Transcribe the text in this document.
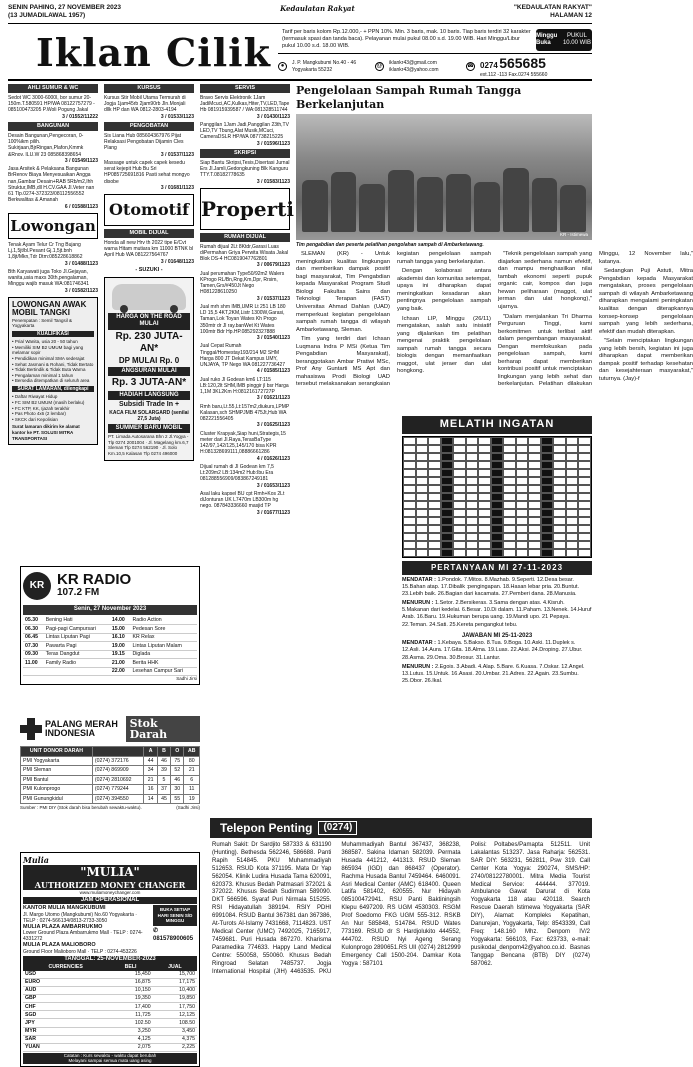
SENIN PAHING, 27 NOVEMBER 2023
(13 JUMADILAWAL 1957)
Kedaulatan Rakyat	"KEDAULATAN RAKYAT"
HALAMAN 12
Iklan Cilik	Tarif per baris kolom Rp.12.000,- + PPN 10%. Min. 3 baris, mak. 10 baris. Tiap baris terdiri 32 karakter (termasuk spasi dan tanda baca). Pelayanan mulai pukul 08.00 s.d. 19.00 WIB. Hari Minggu/Libur pukul 10.00 s.d. 18.00 WIB.
Minggu Buka
PUKUL 10.00 WIB
●	J. P. Mangkubumi No.40 - 46
Yogyakarta 55232
@ iklankr43@gmail.com
iklankr43@yahoo.com
☎ 0274 565685
ext.112 -113 Fax.0274 555660
AHLI SUMUR & WC
Sedot WC 3000-6000l, bor sumur 20-150m.T.580591 HP/WA 08122757279 - 085100473205 P.Woli Pogung Jakal
3 / 01552/11222
BANGUNAN
Desain Bangunan,Pengecoran, 0-100%ikm pilih. Sukirjaan,BjrRingan,Plafon,Kmmk &Rnov. ILU.W 23 085868398654
3 / 01549/1123
Jasa Arsitek & Pelaksana Bangunan BrRenov Biaya Menyesuaikan Angga nan,Gambar Desain+RAB 5Rb/m2,Ihh Struktur,IMB,dll H.CV.GAA Jl.Veter nan 61 Tlp.0274-372323/08112556552 Berkwalitas & Amanah
6 / 01588/1123
Lowongan
Tenak Ayam Telur Cr Tng Bujang Lj.1,5jt/bl.Pesant Gj.1,5jt.bnh 1,8jt/Mkn,Tdr Dtm:085228618862
3 / 01488/1123
Bth Karyawati juga Toko Jl.Gejayan, wanita,usia maxs 30th,pengalaman, Minggu wajib masuk WA:081746341
3 / 01582/1123
LOWONGAN AWAK MOBIL TANGKI
Penempatan : Semil Tangsil & Yogyakarta
KUALIFIKASI
• Pria/ Wanita, usia 20 - 50 tahun
• Memiliki SIM B2 UMUM bagi yang melamar sopir
• Pendidikan minimal SMA sederajat
• Sehat Jasmani & Rohani, Tidak Bertato
• Tidak Bertindik & Tidak Buta Warna
• Pengalaman minimal 1 tahun
• Bersedia ditempatkan di seluruh area
SURAT LAMARAN, dilengkapi
• Daftar Riwayat Hidup
• FC SIM B2 UMUM (masih berlaku)
• FC KTP, KK, Ijazah terakhir
• Pas Photo 4x6 (2 lembar)
• SKCK dari Kepolisian
Surat lamaran dikirim ke alamat kantor ke PT. SOLUSI MITRA TRANSPORTASI
KURSUS
Kursus Stir Mobil Utama Termurah di Jogja 1jam45rb 2jam90rb Jln.Monjali dllk HP dan WA 0812-2803-4194
3 / 01533/1123
PENGOBATAN
Sis Liana Hub 085604367976 Pijat Relaksasi Pengobatan Dijamin Cles Plang
3 / 01537/1123
Massage untuk capek capek kesedu serat kejepit Hub Bu Sri HP085725691816 Pasti sehat mongyo disobe
3 / 01681/1123
Otomotif
MOBIL DIJUAL
Honda all new Hrv th 2022 tipe E/Cvt warna Hitam mutiara km 11000 BTNK bl April Hub WA 081227564767
3 / 01648/1123
- SUZUKI -
HARGA ON THE ROAD MULAI
Rp. 230 JUTA-AN*
DP MULAI Rp. 0
ANGSURAN MULAI
Rp. 3 JUTA-AN*
HADIAH LANGSUNG
Subsidi Trade In +
KACA FILM SOLARGARD (senilai 27,5 Juta)
SUMMER BARU MOBIL
PT. Limada Autosarana Bhn 2 Jl.Yogya - Tlp 0274 2001004 · Jl. Magelang km.6,7 Sleman Tlp 0274 562190 · Jl. Solo Km.10,5 Kalasan Tlp 0274 496000
SERVIS
Bravo Servis Elektronik 1Jam JadiMcuci,AC,Kulkas,Hiter,TV,LED,Tape Hb 081915939587 / WA:081328511744
3 / 01430/1123
Panggilan 1Jam Jadi,Panggilan 23th,TV LED,TV Tbung,Alat Musik,MCuci, CameraDSLR HP/WA 087738215225
3 / 01596/1123
SKRIPSI
Siap Bantu Skripsi,Tesis,Disertasi Jurnal Ers Jl.Jamli,Gedongkuning Blk Kanguru TTY.T.08182778635
3 / 01583/1123
Properti
RUMAH DIJUAL
Rumah dijual 2Lt 8Ktdr,Garasi Luas diPermahan Griya Perwita Wisata Jakal Blok DS-4 HC0819047762801
3 / 00679/1123
Jual perumahan Type50/92m2 Walers KProgo RL/Bn,Rng,Km,Dpr, Rrsim, Tamen,Grs/#450Jt Nego H081228610250
3 / 01537/1123
Jual mrh shm IMB,UMR Lt 251 LB 180 LD 15,5 4KT,2KM,Listr 1300W,Garasi, Taman,Lok Toyan Wates Kh Progo 350mtr dr Jl ray.banWet Kt Wates 100mtr Bdr Hp.HP.085292327888
3 / 01540/1123
Jual Cepat Rumah Tinggal/Homestay193/214 M2 SHM Harga 800 JT Dekat Kampus UMY, UNJAYA, TP Nego WA 081227736427
4 / 01585/1123
Jual ruko Jl Godean km6 LT:115 LB:120,2lt SHM,IMB pinggir jl bsr Harga 1,1M 3KL2Km H:081216172727P
3 / 01621/1123
Rmh baru,Lt.55,Lt:157m2,diukurs,LPMP Kalasan,sch SHMPJMB 475Jt,Hub WA 082221556405
3 / 01625/1123
Cluster Krapyak,Siap huni,Strategis,15 meter dari Jl.Raya,TerasBaType 142/97,142/125,145/170 bisa KPR H:081328699111,08886661286
4 / 01626/1123
Dijual rumah di Jl Godean km 7,5 Lt:209m2 LB:134m2 Hub:Ibu Era 081288556909/083867249181
3 / 01653/1123
Asal laku kapsel BU cpt Rmh+Kos 2Lt diJonturan UK L7470m LB300m hg nego. 087843336660 masjid TP
3 / 01677/1123
Pengelolaan Sampah Rumah Tangga Berkelanjutan
KR - Istimewa
Tim pengabdian dan peserta pelatihan pengolahan sampah di Ambarketawang.

SLEMAN (KR) - Untuk meningkatkan kualitas lingkungan dan memberikan dampak positif bagi masyarakat, Tim Pengabdian kepada Masyarakat Program Studi Biologi Fakultas Sains dan Teknologi Terapan (FAST) Universitas Ahmad Dahlan (UAD) memperkuat kegiatan pengelolaan sampah rumah tangga di wilayah Ambarketawang, Sleman.

Tim yang terdiri dari Ichsan Luqmana Indra P MSi (Ketua Tim Pengabdian Masyarakat), beranggotakan Ambar Pratiwi MSc, Prof Any Guntarti MS Apt dan mahasiswa Prodi Biologi UAD tersebut melaksanakan serangkaian kegiatan pengelolaan sampah rumah tangga yang berkelanjutan.

Dengan kolaborasi antara akademisi dan komunitas setempat, upaya ini diharapkan dapat meningkatkan kesadaran akan pentingnya pengelolaan sampah yang baik.

Ichsan LIP, Minggu (26/11) mengatakan, salah satu inisiatif yang dijalankan tim pelatihan mengenai praktik pengelolaan sampah rumah tangga secara biologis dengan memanfaatkan maggot, ulat jeraer dan ulat hongkong.

"Teknik pengelolaan sampah yang diajarkan sederhana namun efektif, dan mampu menghasilkan nilai tambah ekonomi seperti pupuk organic cair, kompos dan juga hewan peliharaan (maggot, ulat jerman dan ulat hongkong)," ujarnya.

"Dalam menjalankan Tri Dharma Perguruan Tinggi, kami berkomitmen untuk terlibat aktif dalam pengembangan masyarakat. Dengan memfokuskan pada pengelolaan sampah, kami berharap dapat memberikan kontribusi positif untuk menciptakan lingkungan yang lebih sehat dan berkelanjutan. Pelatihan dilakukan Minggu, 12 November lalu," katanya.

Sedangkan Puji Astuti, Mitra Pengabdian kepada Masyarakat mengatakan, proses pengelolaan sampah di wilayah Ambarketawang diharapkan mengalami peningkatan kualitas dengan diterapkannya konsep-konsep pengelolaan sampah yang lebih sederhana, efektif dan mudah diterapkan.

"Selain menciptakan lingkungan yang lebih bersih, kegiatan ini juga diharapkan dapat memberikan dampak positif terhadap kesehatan dan kesejahteraan masyarakat," tuturnya. (Jay)-f

MELATIH INGATAN
PERTANYAAN MI 27-11-2023
MENDATAR : 1.Pondok. 7.Mitos. 8.Mazhab. 9.Seperti. 12.Desa besar. 15.Bahan atap. 17.Dibalik :pengingapan. 18.Hasan lebar pria. 20.Buntut. 23.Lebih baik. 26.Bagian dari kacamata. 27.Pemberi dana. 28.Manusia.
MENURUN : 1.Setor. 2.Bersikeras. 3.Sama dengan atas. 4.Kisruh. 5.Makanan dari kedelai. 6.Besar. 10.Di dalam. 11.Paham. 13.Nenek. 14.Huruf Arab. 16.Baru. 19.Hukuman berupa uang. 19.Mandi upo. 21 Pepaya. 22.Teman. 24.Sati. 25.Kereta pengangkut tebu.
JAWABAN MI 25-11-2023
MENDATAR : 1.Kebaya. 5.Bakso. 8.Tua. 9.Boga. 10.Aski. 11.Duplek s. 12.Asli. 14.Aura. 17.Gita. 18.Alma. 19.Luas. 22.Aksi. 24.Droping. 27.Ubur. 28.Asma. 29.Oma. 30.Brosur. 31.Lantur.
MENURUN : 2.Egois. 3.Abadi. 4.Alap. 5.Bare. 6.Kuasa. 7.Oskar. 12.Angel. 13.Lutus. 15.Untuk. 16.Asasi. 20.Umbar. 21.Adres. 22.Again. 23.Sumbu. 25.Obor. 26.Ikal.
KR KR RADIO
107.2 FM
Senin, 27 November 2023
05.30	Bening Hati	14.00	Radio Action
06.30	Pagi-pagi Campursari	15.00	Pedesan Sore
06.45	Lintas Liputan Pagi	16.10	KR Relax
07.30	Pawarta Pagi	19.00	Lintas Liputan Malam
09.30	Teras Dangdut	19.15	Diglada
11.00	Family Radio	21.00	Berita HHK
		22.00	Lesehan Campur Sari
Sadhi Jirsi
PALANG MERAH INDONESIA
Stok Darah
UNIT DONOR DARAH		A	B	O	AB
PMI Yogyakarta	(0274) 372176	44	46	75	80
PMI Sleman	(0274) 869909	34	39	52	21
PMI Bantul	(0274) 2810692	21	5	46	6
PMI Kulonprogo	(0274) 779244	16	37	30	11
PMI Gunungkidul	(0274) 394550	14	45	55	19
Sumber : PMI DIY (Stok darah bisa berubah sewaktu-waktu).	(Sadhi Jirsi)
Mulia
"MULIA"
AUTHORIZED MONEY CHANGER
www.muliamoneychanger.com
JAM OPERASIONAL
KANTOR MULIA MANGKUBUMI
Jl. Margo Utomo (Mangkubumi) No.60 Yogyakarta · TELP : 0274-566134/0813-2733-3050
MULIA PLAZA AMBARRUKMO
Lower Ground Plaza Ambarrukmo Mall · TELP : 0274-4331272
MULIA PLAZA MALIOBORO
Ground Floor Malioboro Mall · TELP : 0274-453226
BUKA SETIAP HARI SENIN S/D MINGGU
✆ 081578900605
TANGGAL: 25-NOVEMBER-2023
CURRENCIES	BELI	JUAL
USD	15,450	15,700
EURO	16,875	17,175
AUD	10,150	10,400
GBP	19,350	19,850
CHF	17,400	17,750
SGD	11,725	12,125
JPY	102.50	108.50
MYR	3,250	3,450
SAR	4,125	4,375
YUAN	2,075	2,225
Catatan : Kurs sewaktu - waktu dapat berubah
Melayani sampai semua mata uang asing
Telepon Penting	(0274)

Rumah Sakit: Dr Sardjito 587333 & 631190 (Hunting). Bethesda 562246, 586688. Panti Rapih 514845. PKU Muhammadiyah 512653. RSUD Kota 371195. Mata Dr Yap 562054. Klinik Ludira Husada Tama 620091, 620373. Khusus Bedah Patmasari 372021 & 372022. Khusus Bedah Sudirman 589090. DKT 566596. Syaraf Puri Nirmala 515255. RSI Hidayatullah 389194. RSIY PDHI 6991084. RSUD Bantul 367381 dan 367386, At-Turots Al-Islamy 7431668, 7114823. UST Medical Center (UMC) 7492025, 7165917, 7459681. Puri Husada 867270. Kharisma Paramedika 774633. Happy Land Medical Centre: 550058, 550060. Khusus Bedah Ringroad Selatan 7485737. Jogja International Hospital (JIH) 4463535. PKU Muhammadiyah Bantul 367437, 368238, 368587. Sakina Idaman 582039. Permata Husada 441212, 441313. RSUD Sleman 865934 (IGD) dan 868437 (Operator). Rachma Husada Bantul 7459464. 6460091. Asri Medical Center (AMC) 618400. Queen Latifa 581402, 620555. Nur Hidayah 085100472941. RSU Panti Baktiningsih Klepu 6497209. RS UGM 4530303. RSGM Prof Soedomo FKG UGM 555-312. RSKB An Nur 585848, 514784. RSUD Wates 773169. RSUD dr S Hardjolukito 444552, 444702. RSUD Nyi Ageng Serang Kulonprogo 2890651.RS UII (0274) 2812999 Emergency Call 1500-204. Damkar Kota Yogya : 587101

Polisi: Poltabes/Pamapta 512511. Unit Lakalantas 513237. Jasa Raharja: 562531. SAR DIY: 563231, 562811, Psw 319. Call Center Kota Yogya: 290274, SMS/HP: 2740/08122780001. Mitra Media Tourist Medical Service: 444444. 377019. Ambulance Gawat Darurat di Kota Yogyakarta 118 atau 420118. Search Rescue Daerah Istimewa Yogyakarta (SAR DIY), Alamat: Kompleks Kepatihan, Danurejan, Yogyakarta, Telp: 8543339, Call Freq: 148.160 Mhz. Denpom IV/2 Yogyakarta: 566103, Fax: 623733, e-mail: pusikodal_denpom42@yahoo.co.id. Basnas Tanggap Bencana (BTB) DIY (0274) 587062.
